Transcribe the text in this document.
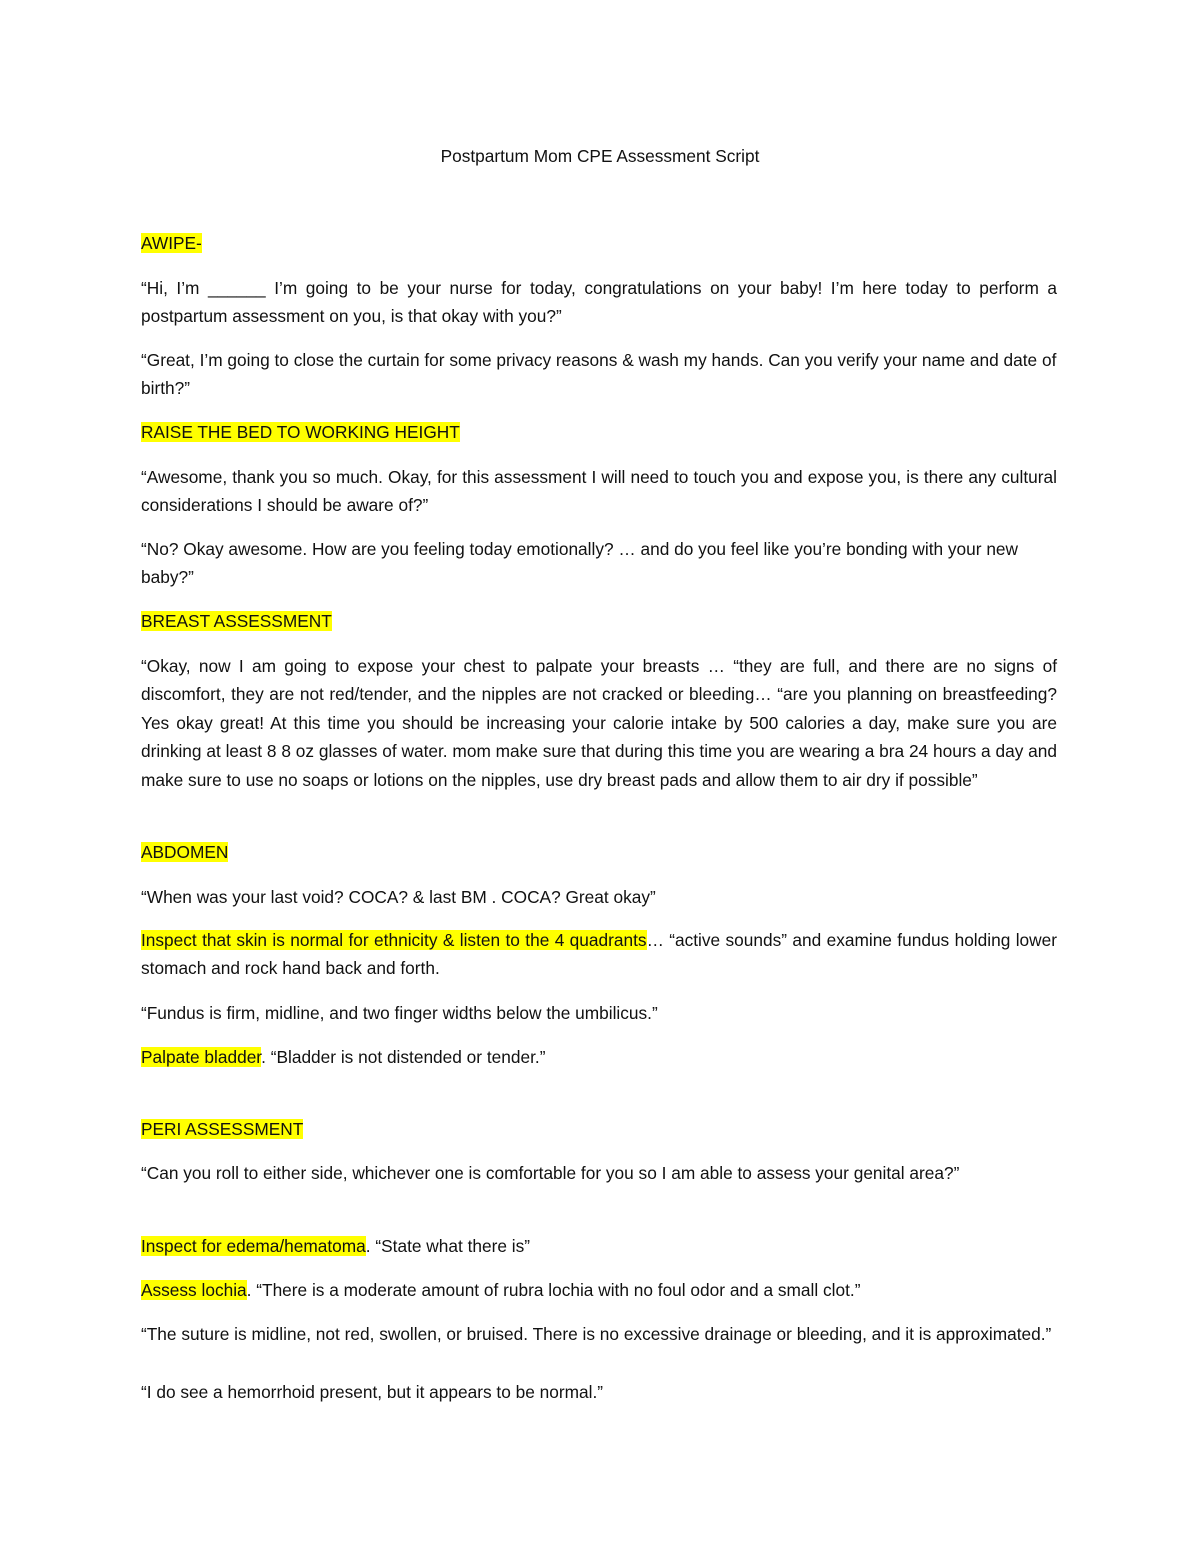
Postpartum Mom CPE Assessment Script

AWIPE-

“Hi, I’m ______ I’m going to be your nurse for today, congratulations on your baby! I’m here today to perform a postpartum assessment on you, is that okay with you?”

“Great, I’m going to close the curtain for some privacy reasons & wash my hands. Can you verify your name and date of birth?”

RAISE THE BED TO WORKING HEIGHT

“Awesome, thank you so much. Okay, for this assessment I will need to touch you and expose you, is there any cultural considerations I should be aware of?”

“No? Okay awesome. How are you feeling today emotionally? … and do you feel like you’re bonding with your new baby?”

BREAST ASSESSMENT

“Okay, now I am going to expose your chest to palpate your breasts … “they are full, and there are no signs of discomfort, they are not red/tender, and the nipples are not cracked or bleeding… “are you planning on breastfeeding? Yes okay great! At this time you should be increasing your calorie intake by 500 calories a day, make sure you are drinking at least 8 8 oz glasses of water. mom make sure that during this time you are wearing a bra 24 hours a day and make sure to use no soaps or lotions on the nipples, use dry breast pads and allow them to air dry if possible”

ABDOMEN

“When was your last void? COCA? & last BM . COCA? Great okay”

Inspect that skin is normal for ethnicity & listen to the 4 quadrants… “active sounds” and examine fundus holding lower stomach and rock hand back and forth.

“Fundus is firm, midline, and two finger widths below the umbilicus.”

Palpate bladder. “Bladder is not distended or tender.”

PERI ASSESSMENT

“Can you roll to either side, whichever one is comfortable for you so I am able to assess your genital area?”

Inspect for edema/hematoma. “State what there is”

Assess lochia. “There is a moderate amount of rubra lochia with no foul odor and a small clot.”

“The suture is midline, not red, swollen, or bruised. There is no excessive drainage or bleeding, and it is approximated.”

“I do see a hemorrhoid present, but it appears to be normal.”
